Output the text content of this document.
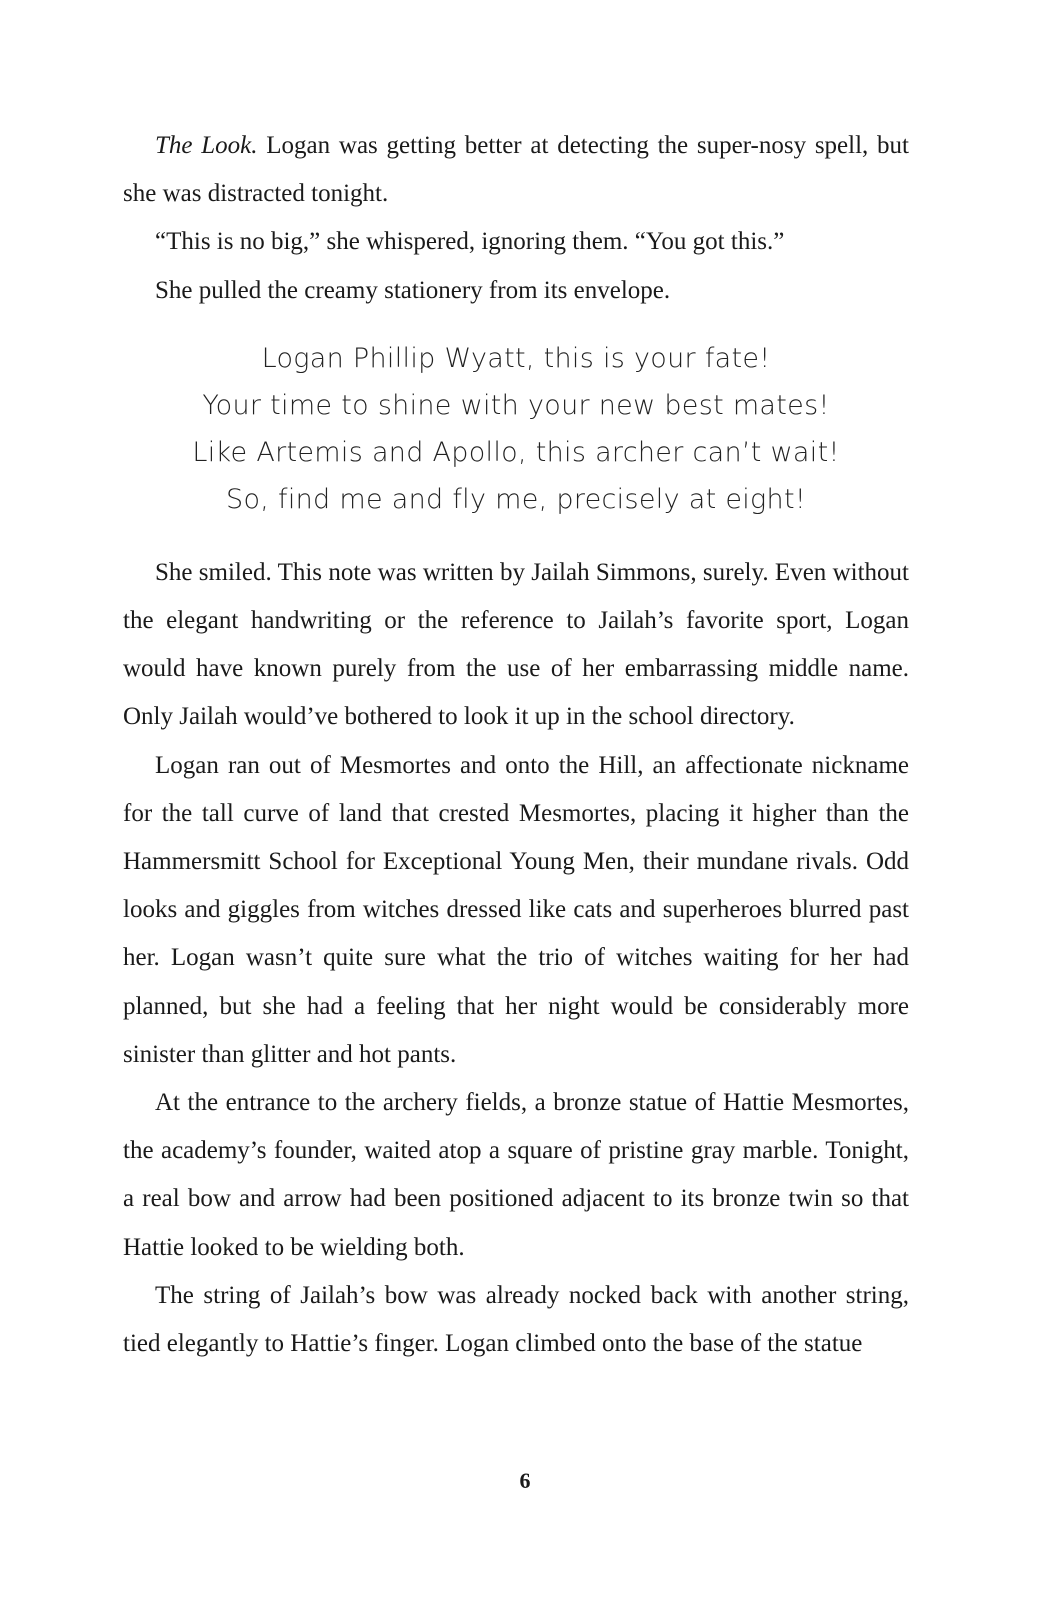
The Look. Logan was getting better at detecting the super-nosy spell, but she was distracted tonight.

“This is no big,” she whispered, ignoring them. “You got this.”

She pulled the creamy stationery from its envelope.

Logan Phillip Wyatt, this is your fate!
Your time to shine with your new best mates!
Like Artemis and Apollo, this archer can’t wait!
So, find me and fly me, precisely at eight!

She smiled. This note was written by Jailah Simmons, surely. Even without the elegant handwriting or the reference to Jailah’s favorite sport, Logan would have known purely from the use of her embarrassing middle name. Only Jailah would’ve bothered to look it up in the school directory.

Logan ran out of Mesmortes and onto the Hill, an affectionate nickname for the tall curve of land that crested Mesmortes, placing it higher than the Hammersmitt School for Exceptional Young Men, their mundane rivals. Odd looks and giggles from witches dressed like cats and superheroes blurred past her. Logan wasn’t quite sure what the trio of witches waiting for her had planned, but she had a feeling that her night would be considerably more sinister than glitter and hot pants.

At the entrance to the archery fields, a bronze statue of Hattie Mesmortes, the academy’s founder, waited atop a square of pristine gray marble. Tonight, a real bow and arrow had been positioned adjacent to its bronze twin so that Hattie looked to be wielding both.

The string of Jailah’s bow was already nocked back with another string, tied elegantly to Hattie’s finger. Logan climbed onto the base of the statue

6
